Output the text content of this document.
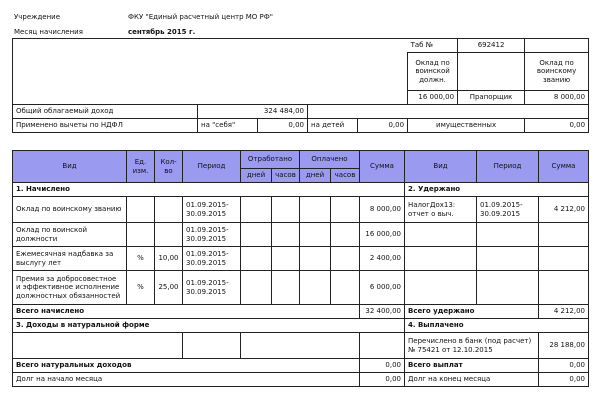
Учреждение	ФКУ "Единый расчетный центр МО РФ"
Месяц начисления	сентябрь 2015 г.
					Таб №	692412	
					Оклад по воинской должн.		Оклад по воинскому званию
					16 000,00	Прапорщик	8 000,00
Общий облагаемый доход	324 484,00						
Применено вычеты по НДФЛ	на "себя"	0,00	на детей	0,00	имущественных		0,00
Вид	Ед. изм.	Кол-во	Период	Отработано		Оплачено		Сумма	Вид	Период	Сумма
				дней	часов	дней	часов				
1. Начислено									2. Удержано		
Оклад по воинскому званию			01.09.2015-30.09.2015					8 000,00	НалогДох13: отчет о выч.	01.09.2015-30.09.2015	4 212,00
Оклад по воинской должности			01.09.2015-30.09.2015					16 000,00			
Ежемесячная надбавка за выслугу лет	%	10,00	01.09.2015-30.09.2015					2 400,00			
Премия за добросовестное и эффективное исполнение должностных обязанностей	%	25,00	01.09.2015-30.09.2015					6 000,00			
Всего начислено								32 400,00	Всего удержано		4 212,00
3. Доходы в натуральной форме									4. Выплачено		
									Перечислено в банк (под расчет) № 75421 от 12.10.2015		28 188,00
Всего натуральных доходов								0,00	Всего выплат		0,00
Долг на начало месяца								0,00	Долг на конец месяца		0,00
